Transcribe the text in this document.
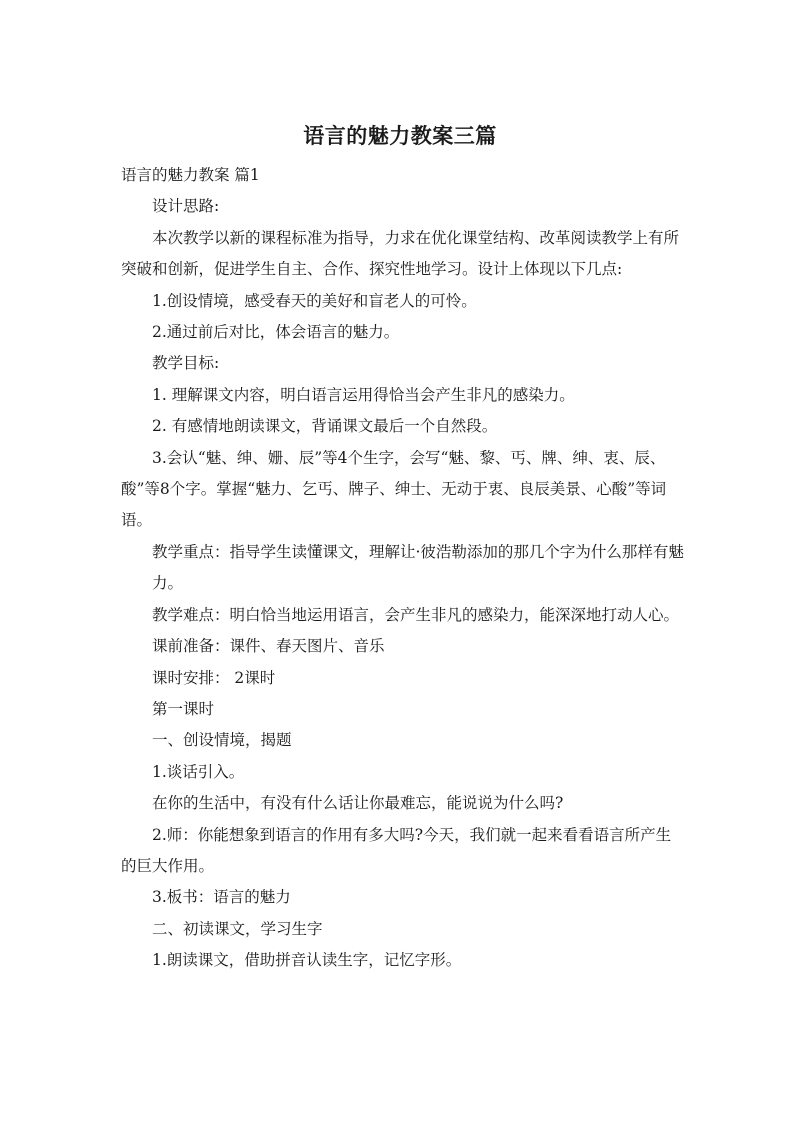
语言的魅力教案三篇

语言的魅力教案 篇1

设计思路:

本次教学以新的课程标准为指导，力求在优化课堂结构、改革阅读教学上有所突破和创新，促进学生自主、合作、探究性地学习。设计上体现以下几点:

1.创设情境，感受春天的美好和盲老人的可怜。

2.通过前后对比，体会语言的魅力。

教学目标:

1. 理解课文内容，明白语言运用得恰当会产生非凡的感染力。

2. 有感情地朗读课文，背诵课文最后一个自然段。

3.会认“魅、绅、姗、辰”等4个生字，会写“魅、黎、丐、牌、绅、衷、辰、酸”等8个字。掌握“魅力、乞丐、牌子、绅士、无动于衷、良辰美景、心酸”等词语。

教学重点：指导学生读懂课文，理解让·彼浩勒添加的那几个字为什么那样有魅

力。

教学难点：明白恰当地运用语言，会产生非凡的感染力，能深深地打动人心。

课前准备：课件、春天图片、音乐

课时安排： 2课时

第一课时

一、创设情境，揭题

1.谈话引入。

在你的生活中，有没有什么话让你最难忘，能说说为什么吗?

2.师：你能想象到语言的作用有多大吗?今天，我们就一起来看看语言所产生的巨大作用。

3.板书：语言的魅力

二、初读课文，学习生字

1.朗读课文，借助拼音认读生字，记忆字形。
